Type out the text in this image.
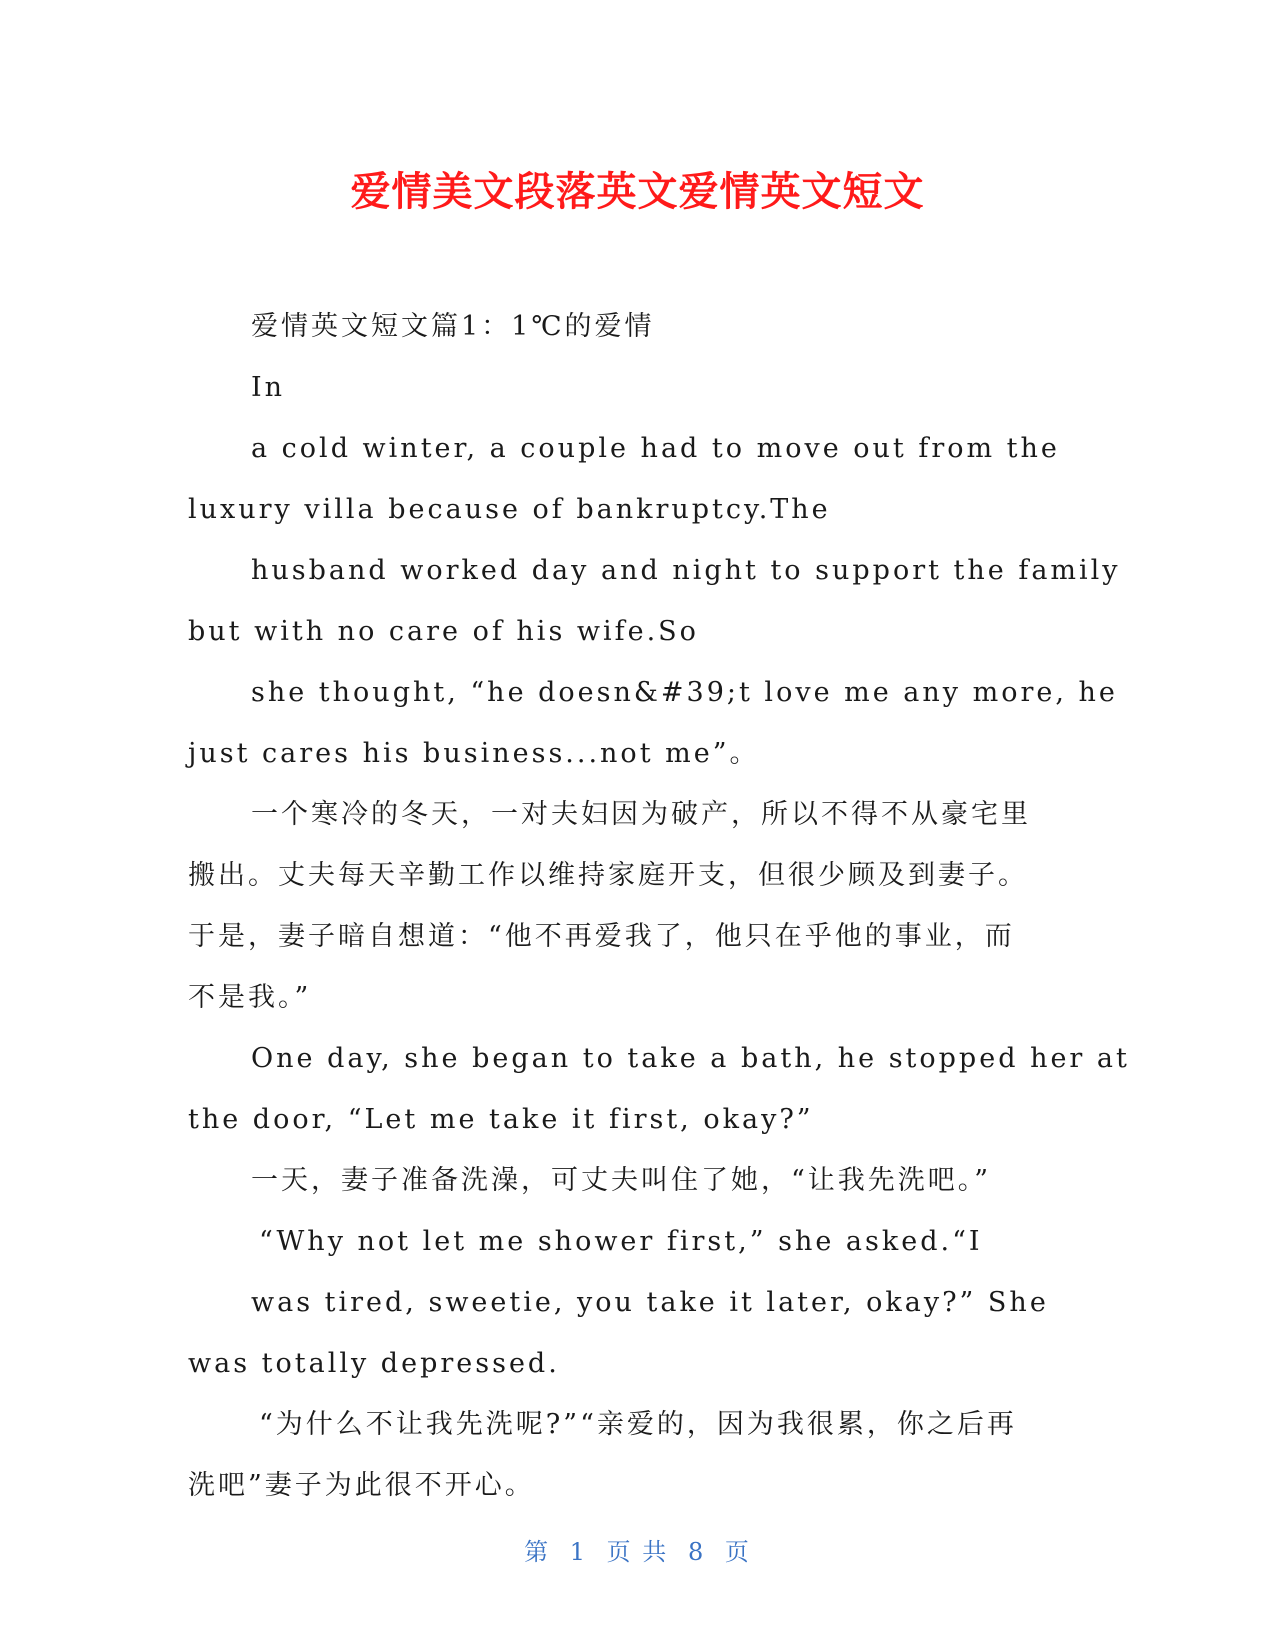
爱情美文段落英文爱情英文短文
爱情英文短文篇1：1℃的爱情
In
a cold winter, a couple had to move out from the
luxury villa because of bankruptcy.The
husband worked day and night to support the family
but with no care of his wife.So
she thought, “he doesn&#39;t love me any more, he
just cares his business...not me”。
一个寒冷的冬天，一对夫妇因为破产，所以不得不从豪宅里
搬出。丈夫每天辛勤工作以维持家庭开支，但很少顾及到妻子。
于是，妻子暗自想道：“他不再爱我了，他只在乎他的事业，而
不是我。”
One day, she began to take a bath, he stopped her at
the door, “Let me take it first, okay?”
一天，妻子准备洗澡，可丈夫叫住了她，“让我先洗吧。”
“Why not let me shower first,” she asked.“I
was tired, sweetie, you take it later, okay?” She
was totally depressed.
“为什么不让我先洗呢?”“亲爱的，因为我很累，你之后再
洗吧”妻子为此很不开心。
第 1 页 共 8 页
